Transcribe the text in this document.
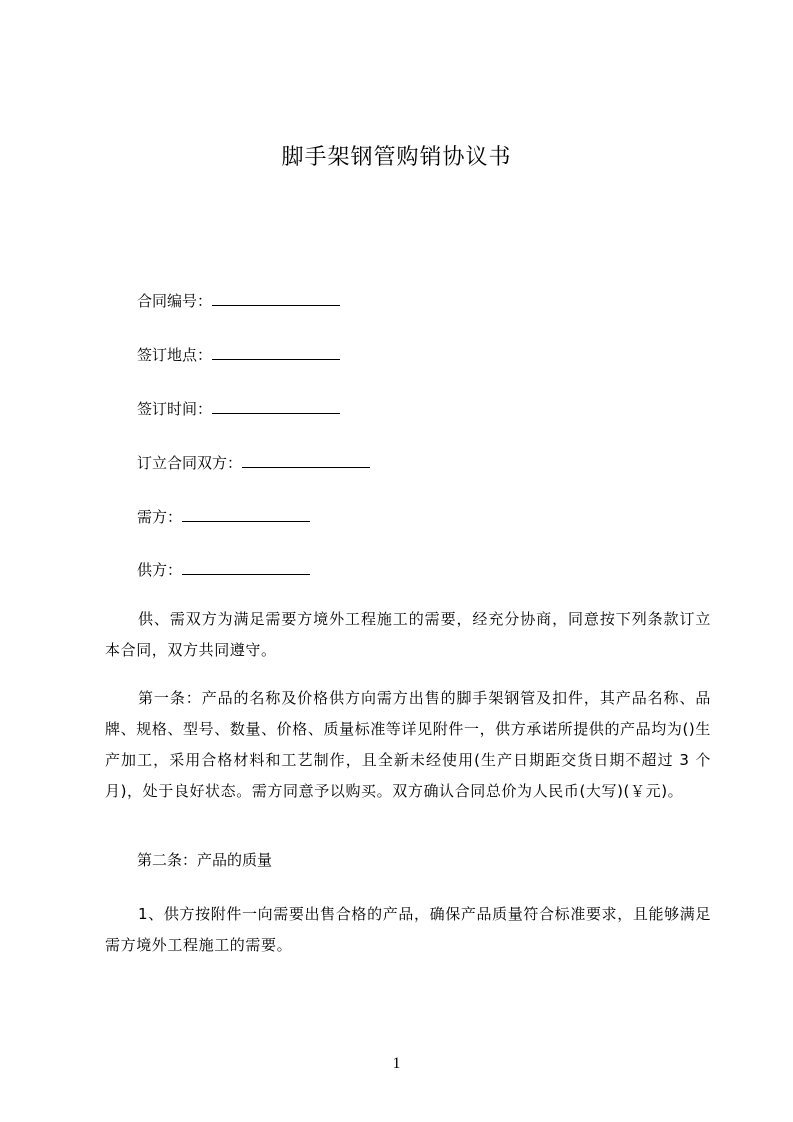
脚手架钢管购销协议书
合同编号：
签订地点：
签订时间：
订立合同双方：
需方：
供方：

供、需双方为满足需要方境外工程施工的需要，经充分协商，同意按下列条款订立本合同，双方共同遵守。

第一条：产品的名称及价格供方向需方出售的脚手架钢管及扣件，其产品名称、品牌、规格、型号、数量、价格、质量标准等详见附件一，供方承诺所提供的产品均为()生产加工，采用合格材料和工艺制作，且全新未经使用(生产日期距交货日期不超过 3 个月)，处于良好状态。需方同意予以购买。双方确认合同总价为人民币(大写)(￥元)。

第二条：产品的质量

1、供方按附件一向需要出售合格的产品，确保产品质量符合标准要求，且能够满足需方境外工程施工的需要。

1
